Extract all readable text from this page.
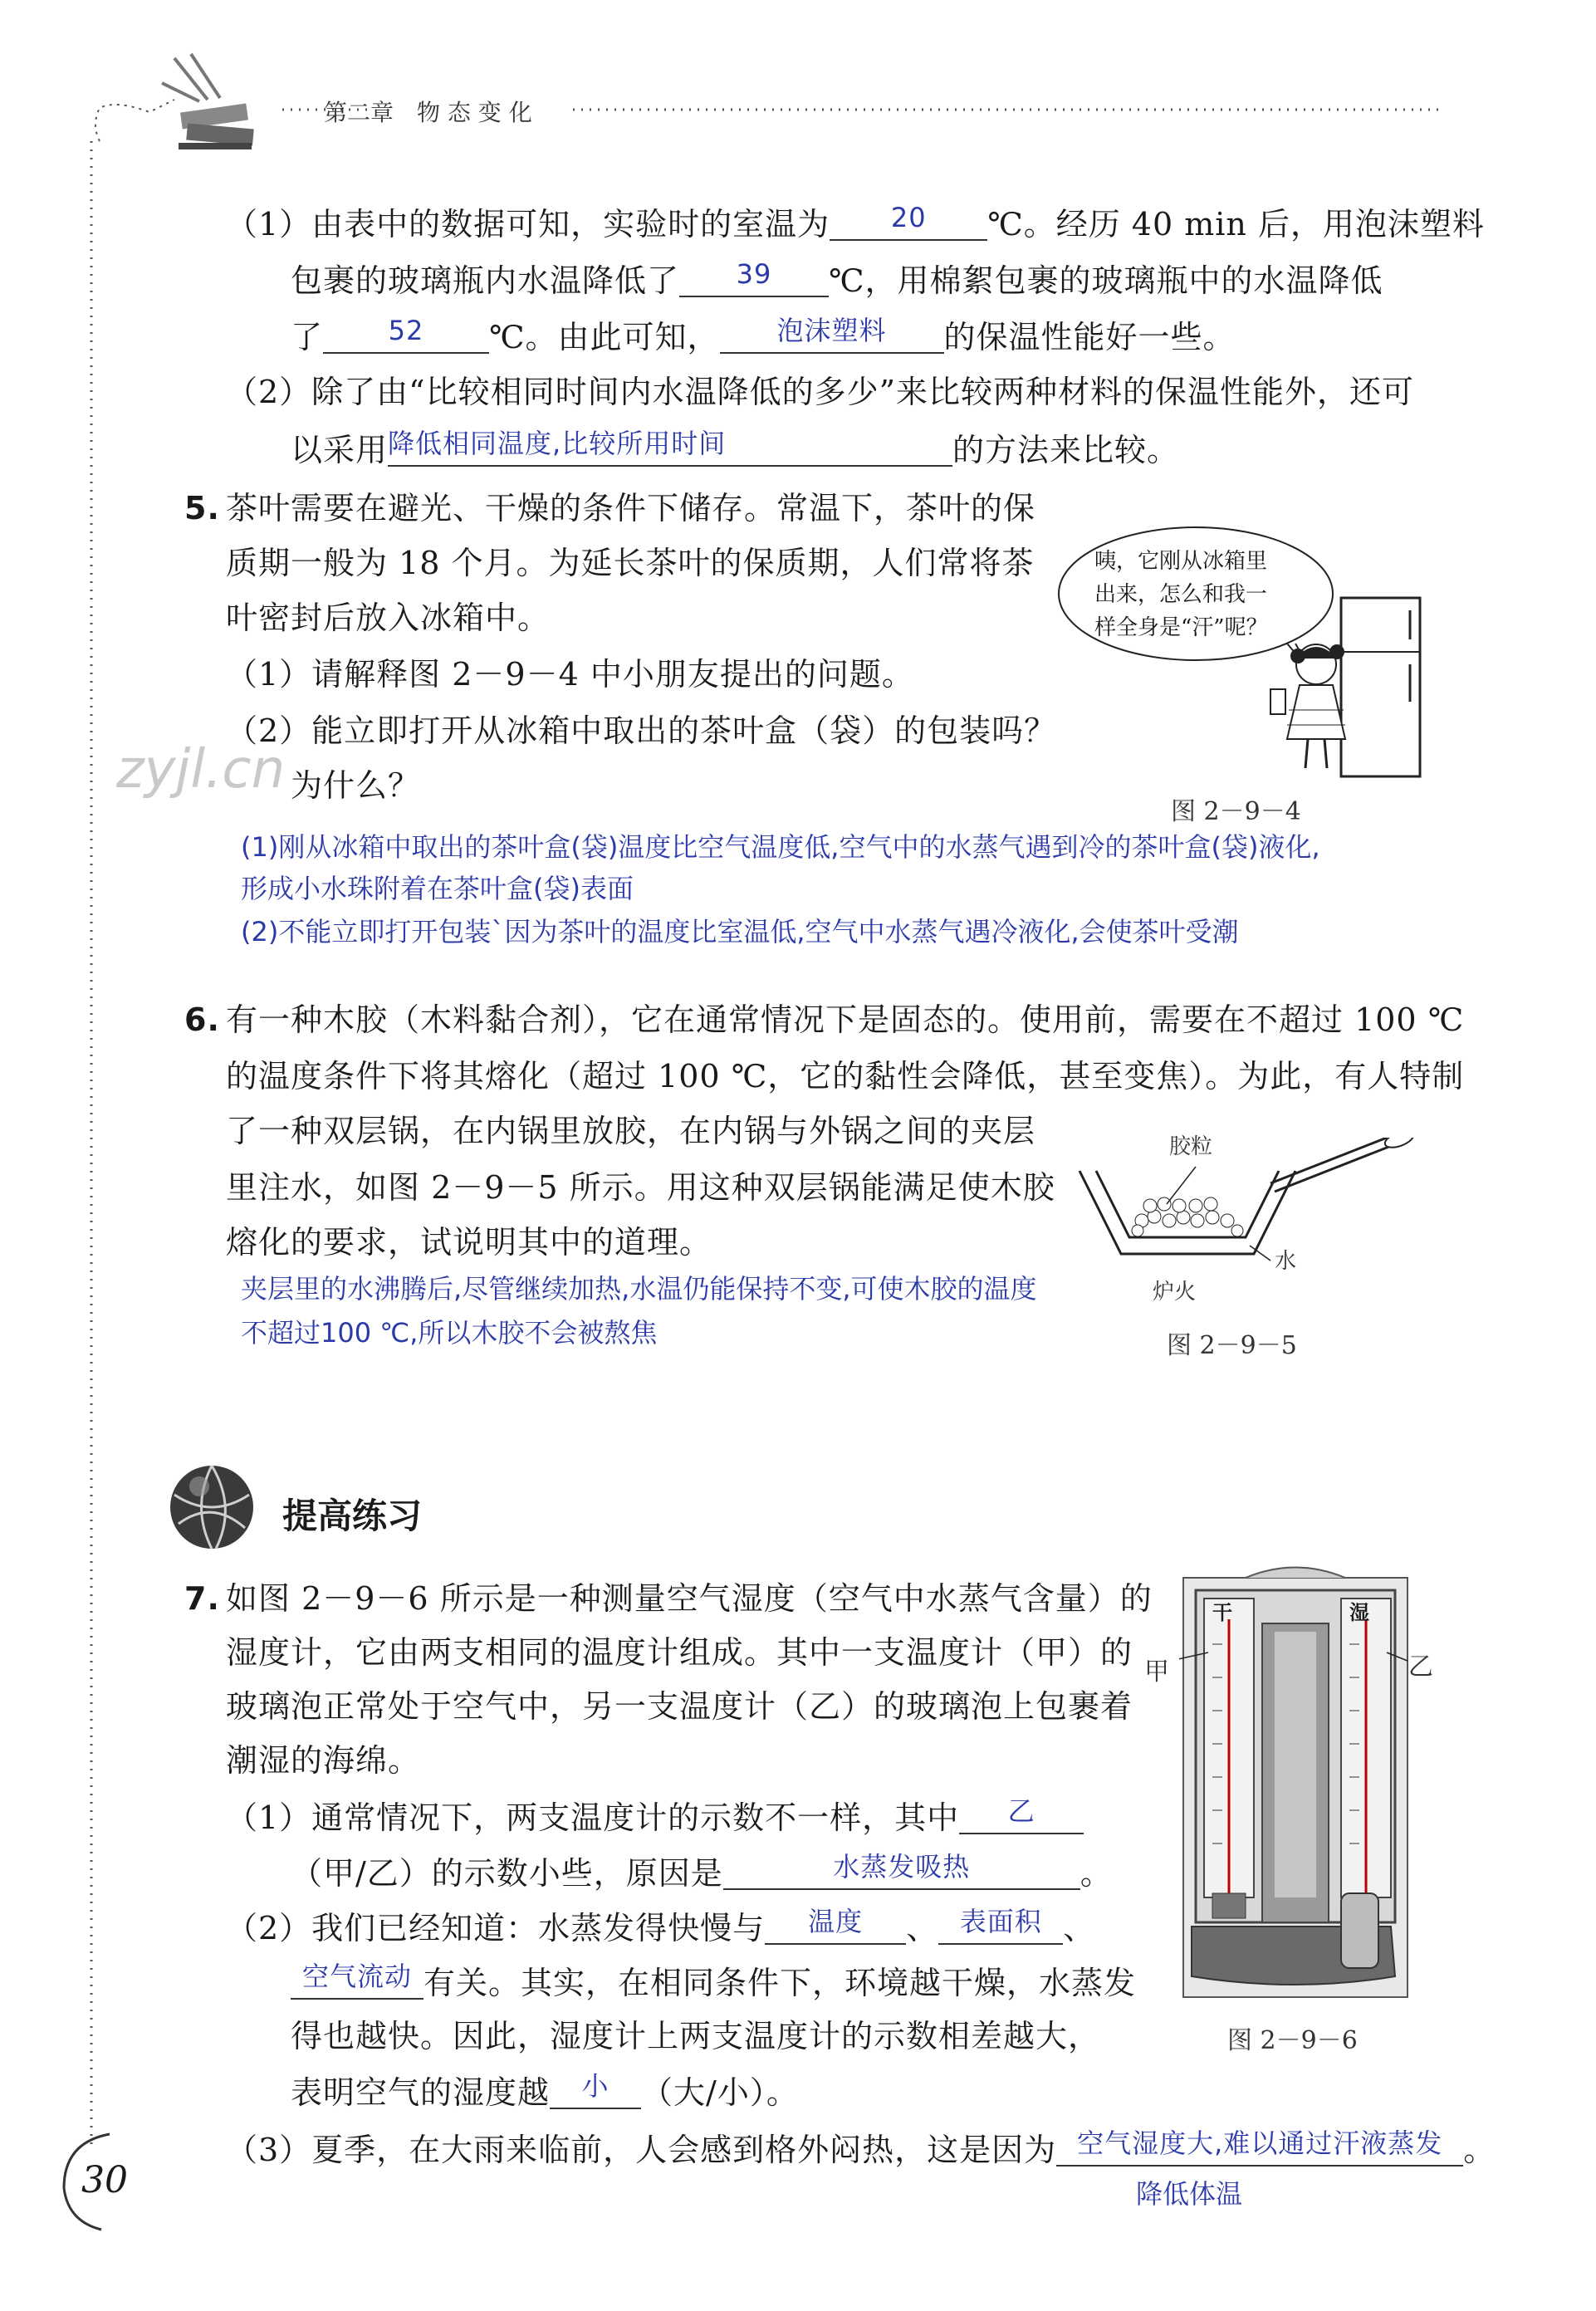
第二章　物 态 变 化
（1）由表中的数据可知，实验时的室温为	20	℃。经历 40 min 后，用泡沫塑料
包裹的玻璃瓶内水温降低了	39	℃，用棉絮包裹的玻璃瓶中的水温降低
了	52	℃。由此可知，	泡沫塑料	的保温性能好一些。
（2）除了由“比较相同时间内水温降低的多少”来比较两种材料的保温性能外，还可
以采用 降低相同温度,比较所用时间	的方法来比较。
5. 茶叶需要在避光、干燥的条件下储存。常温下，茶叶的保
质期一般为 18 个月。为延长茶叶的保质期，人们常将茶
叶密封后放入冰箱中。
（1）请解释图 2－9－4 中小朋友提出的问题。
（2）能立即打开从冰箱中取出的茶叶盒（袋）的包装吗？
为什么？
咦，它刚从冰箱里
出来，怎么和我一
样全身是“汗”呢？
图 2－9－4
zyjl.cn
(1)刚从冰箱中取出的茶叶盒(袋)温度比空气温度低,空气中的水蒸气遇到冷的茶叶盒(袋)液化,
形成小水珠附着在茶叶盒(袋)表面
(2)不能立即打开包装`因为茶叶的温度比室温低,空气中水蒸气遇冷液化,会使茶叶受潮
6. 有一种木胶（木料黏合剂），它在通常情况下是固态的。使用前，需要在不超过 100 ℃
的温度条件下将其熔化（超过 100 ℃，它的黏性会降低，甚至变焦）。为此，有人特制
了一种双层锅，在内锅里放胶，在内锅与外锅之间的夹层
里注水，如图 2－9－5 所示。用这种双层锅能满足使木胶
熔化的要求，试说明其中的道理。
胶粒
水
炉火
图 2－9－5
夹层里的水沸腾后,尽管继续加热,水温仍能保持不变,可使木胶的温度
不超过100 ℃,所以木胶不会被熬焦
提高练习
7. 如图 2－9－6 所示是一种测量空气湿度（空气中水蒸气含量）的
湿度计，它由两支相同的温度计组成。其中一支温度计（甲）的
玻璃泡正常处于空气中，另一支温度计（乙）的玻璃泡上包裹着
潮湿的海绵。
（1）通常情况下，两支温度计的示数不一样，其中	乙
（甲/乙）的示数小些，原因是	水蒸发吸热	。
（2）我们已经知道：水蒸发得快慢与	温度	、 表面积 、
空气流动 有关。其实，在相同条件下，环境越干燥，水蒸发
得也越快。因此，湿度计上两支温度计的示数相差越大，
表明空气的湿度越	小	（大/小）。
（3）夏季，在大雨来临前，人会感到格外闷热，这是因为 空气湿度大,难以通过汗液蒸发 。
降低体温
甲	乙
干	湿
图 2－9－6
30
